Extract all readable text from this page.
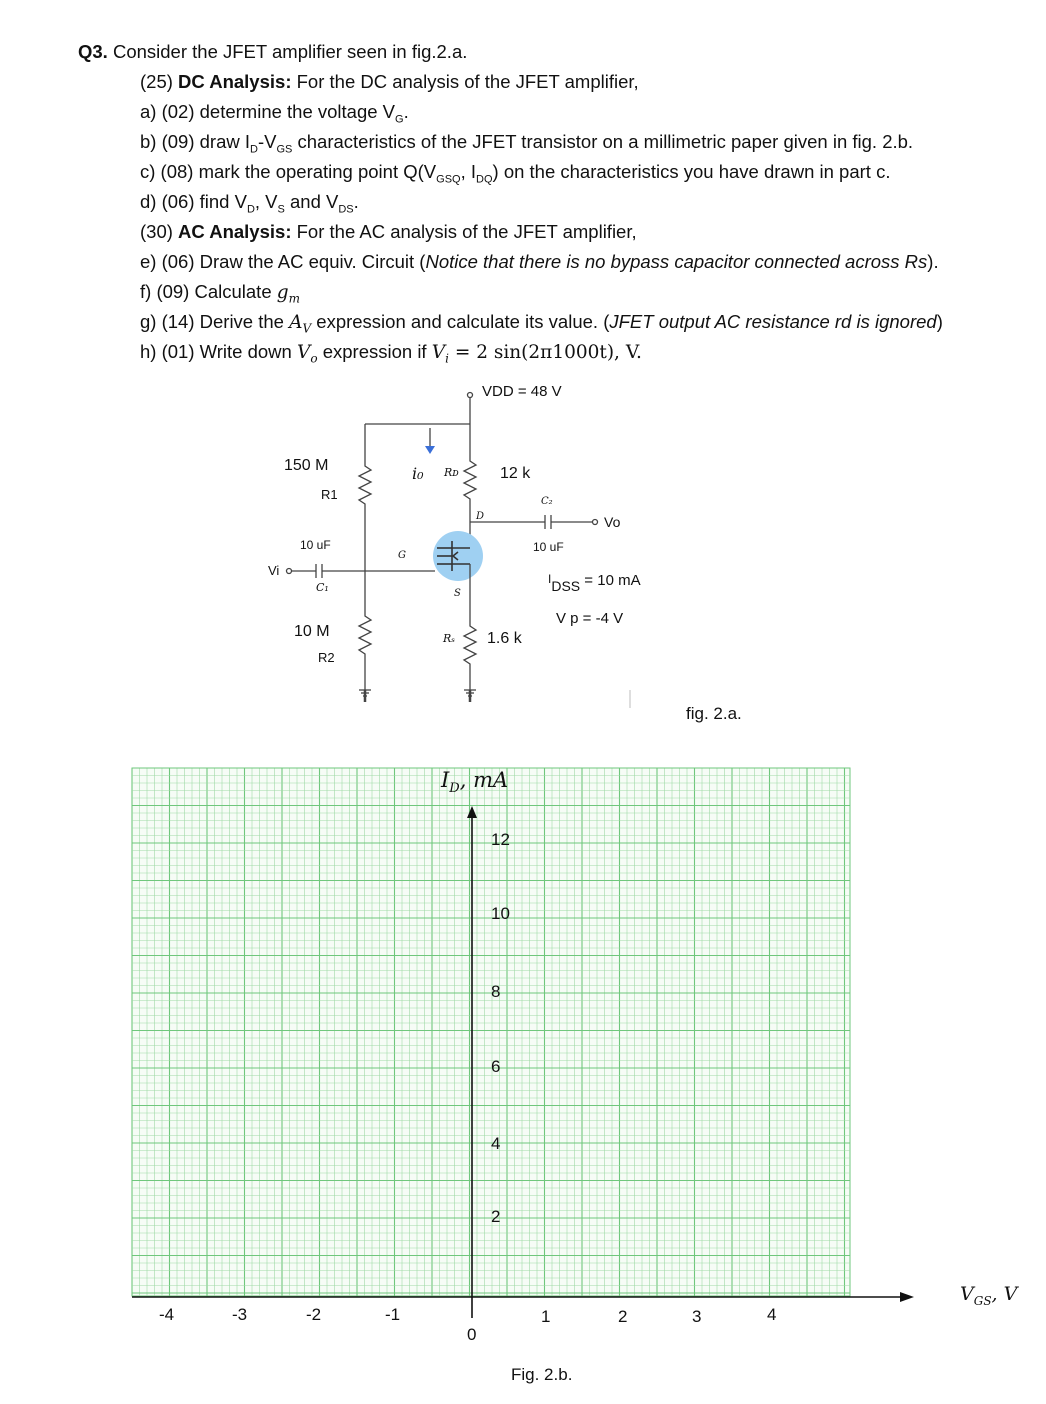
Q3. Consider the JFET amplifier seen in fig.2.a.
(25) DC Analysis: For the DC analysis of the JFET amplifier,
a) (02) determine the voltage $V_G$.
b) (09) draw $I_D-V_{GS}$ characteristics of the JFET transistor on a millimetric paper given in fig. 2.b.
c) (08) mark the operating point $Q(V_{GSQ}$, $I_{DQ}$) on the characteristics you have drawn in part c.
d) (06) find $V_D$, $V_S$ and $V_{DS}$.
(30) AC Analysis: For the AC analysis of the JFET amplifier,
e) (06) Draw the AC equiv. Circuit (Notice that there is no bypass capacitor connected across Rs).
f) (09) Calculate $g_m$
g) (14) Derive the $A_V$ expression and calculate its value. (JFET output AC resistance rd is ignored)
h) (01) Write down $V_o$ expression if $V_i = 2$ sin(2π1000t), V.
VDD = 48 V
150 M
R1
10 uF
C₁
Vi
10 M
R2
i₀ Rᴅ	12 k
D
G
S
C₂
10 uF
Vo
$^I$DSS = 10 mA
V p = -4 V
Rₛ 1.6 k
fig. 2.a.
$I_D$, mA
$V_{GS}$, V
12
10
8
6
4
2
-4	-3	-2	-1
0
1	2	3	4
Fig. 2.b.
